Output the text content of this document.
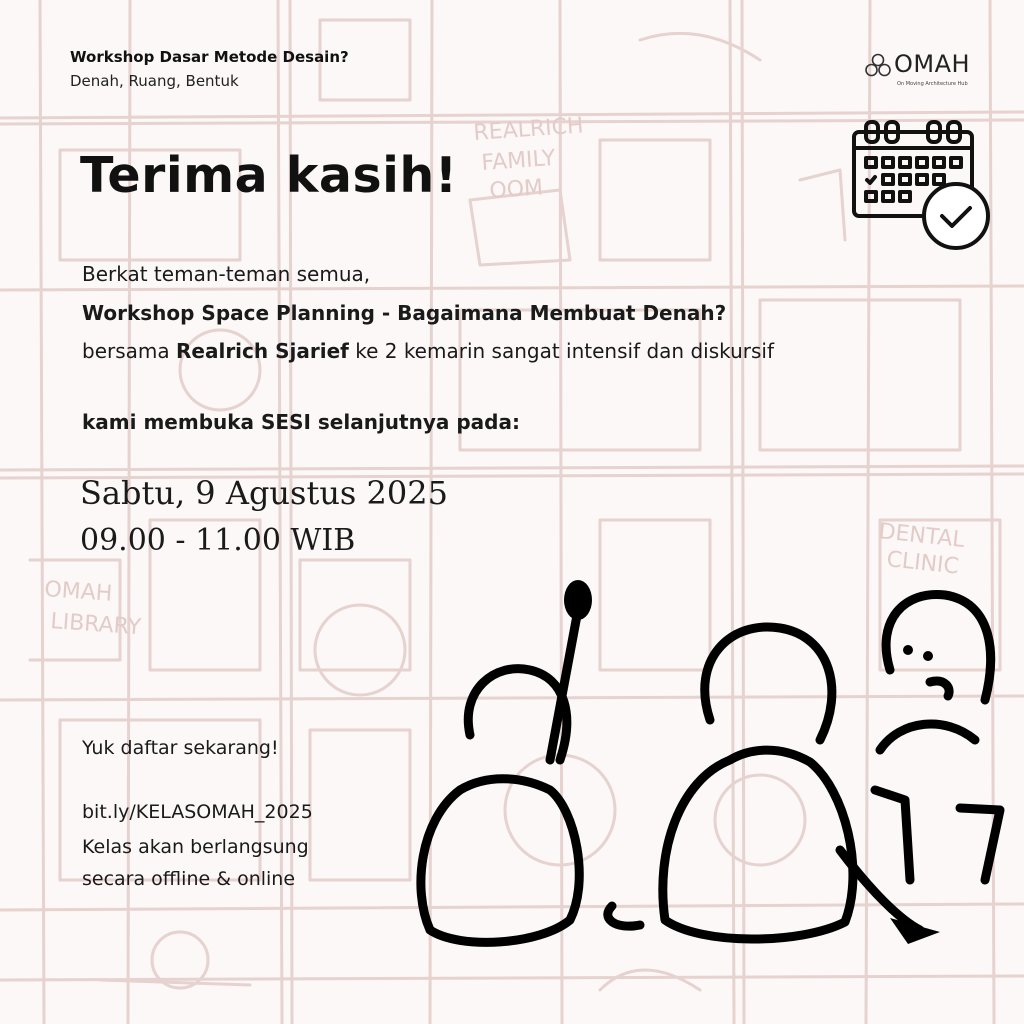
REALRICH
FAMILY
OOM
OMAH
LIBRARY
DENTAL
CLINIC
Workshop Dasar Metode Desain?
Denah, Ruang, Bentuk
OMAH
On Moving Architecture Hub
Terima kasih!
Berkat teman-teman semua,
Workshop Space Planning - Bagaimana Membuat Denah?
bersama Realrich Sjarief ke 2 kemarin sangat intensif dan diskursif
kami membuka SESI selanjutnya pada:
Sabtu, 9 Agustus 2025
09.00 - 11.00 WIB
Yuk daftar sekarang!
bit.ly/KELASOMAH_2025
Kelas akan berlangsung
secara offline & online
